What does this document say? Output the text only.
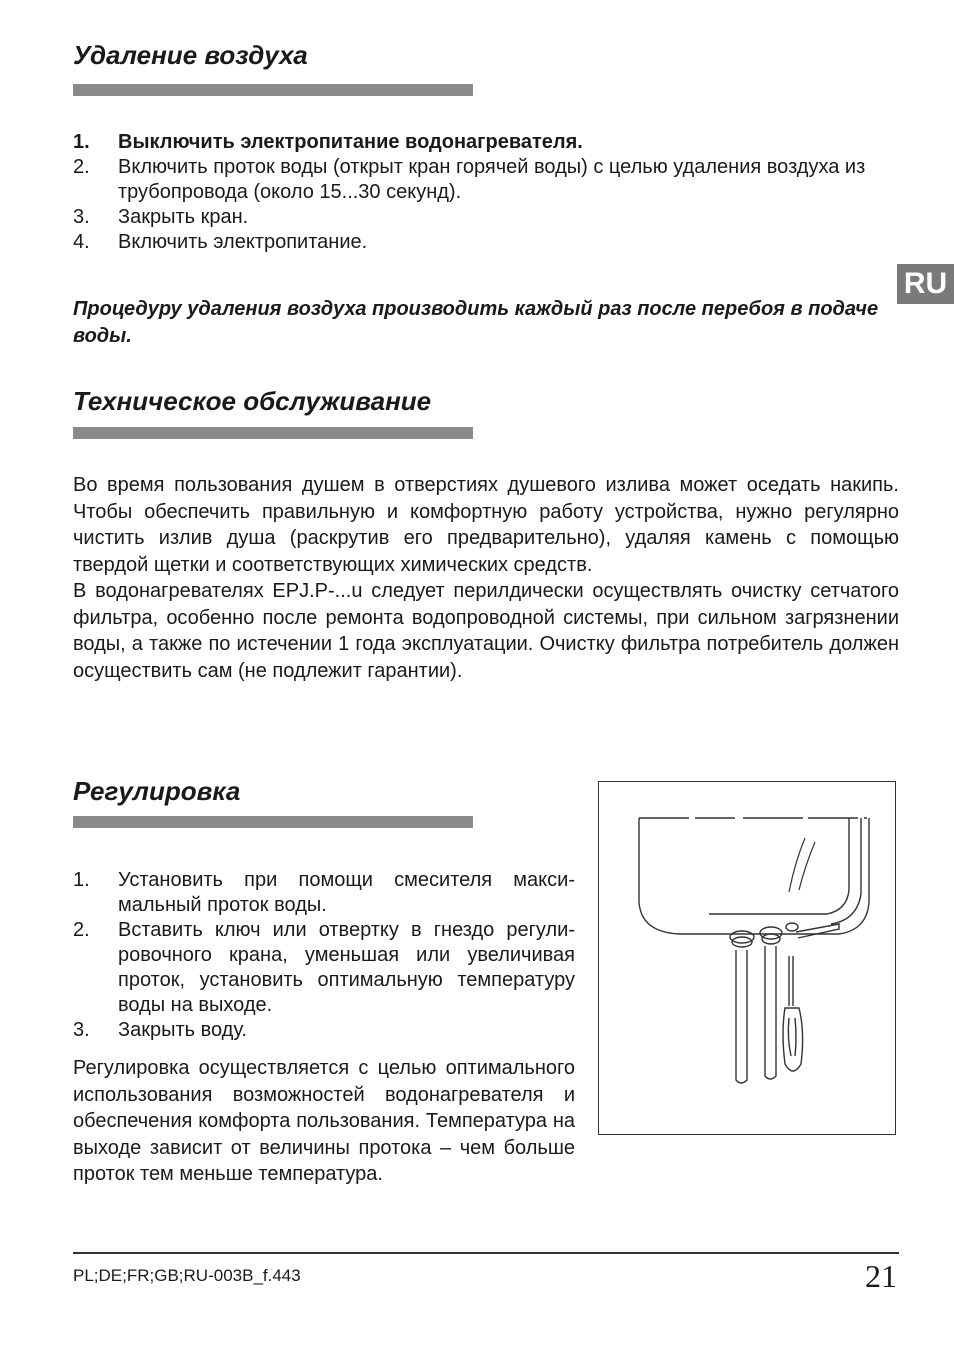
Удаление воздуха
1. Выключить электропитание водонагревателя.
2. Включить проток воды (открыт кран горячей воды) с целью удаления воздуха из трубопровода (около 15...30 секунд).
3. Закрыть кран.
4. Включить электропитание.

Процедуру удаления воздуха производить каждый раз после перебоя в подаче воды.

RU
Техническое обслуживание

Во время пользования душем в отверстиях душевого излива может оседать накипь. Чтобы обеспечить правильную и комфортную работу устройства, нужно регулярно чистить излив душа (раскрутив его предварительно), удаляя камень с помощью твердой щетки и соответствующих химических средств.

В водонагревателях EPJ.P-...u следует перилдически осуществлять очистку сетчатого фильтра, особенно после ремонта водопроводной системы, при сильном загрязнении воды, а также по истечении 1 года эксплуатации. Очистку фильтра потребитель должен осуществить сам (не подлежит гарантии).

Регулировка
1. Установить при помощи смесителя максимальный проток воды.
2. Вставить ключ или отвертку в гнездо регулировочного крана, уменьшая или увеличивая проток, установить оптимальную температуру воды на выходе.
3. Закрыть воду.

Регулировка осуществляется с целью оптимального использования возможностей водонагревателя и обеспечения комфорта пользования. Температура на выходе зависит от величины протока – чем больше проток тем меньше температура.

PL;DE;FR;GB;RU-003B_f.443	21
